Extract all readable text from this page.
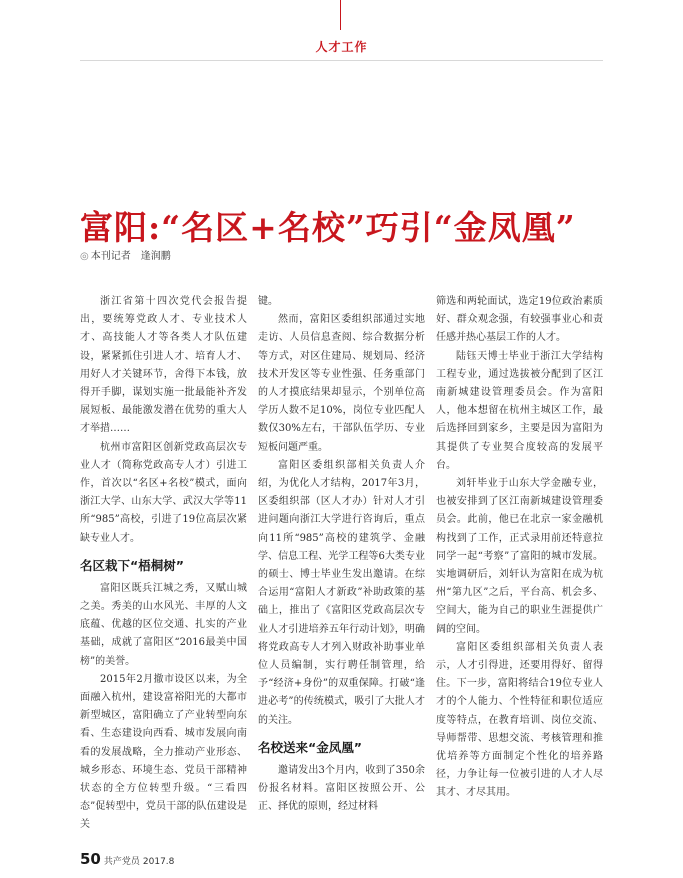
人才工作
富阳:“名区+名校”巧引“金凤凰”
◎ 本刊记者　逢润鹏

浙江省第十四次党代会报告提出，要统筹党政人才、专业技术人才、高技能人才等各类人才队伍建设，紧紧抓住引进人才、培育人才、用好人才关键环节，舍得下本钱，放得开手脚，谋划实施一批最能补齐发展短板、最能激发潜在优势的重大人才举措……

杭州市富阳区创新党政高层次专业人才（简称党政高专人才）引进工作，首次以“名区+名校”模式，面向浙江大学、山东大学、武汉大学等11所“985”高校，引进了19位高层次紧缺专业人才。

名区栽下“梧桐树”

富阳区既兵江城之秀，又赋山城之美。秀美的山水风光、丰厚的人文底蕴、优越的区位交通、扎实的产业基础，成就了富阳区“2016最美中国榜”的美誉。

2015年2月撤市设区以来，为全面融入杭州，建设富裕阳光的大都市新型城区，富阳确立了产业转型向东看、生态建设向西看、城市发展向南看的发展战略，全力推动产业形态、城乡形态、环境生态、党员干部精神状态的全方位转型升级。“三看四态”促转型中，党员干部的队伍建设是关

键。

然而，富阳区委组织部通过实地走访、人员信息查阅、综合数据分析等方式，对区住建局、规划局、经济技术开发区等专业性强、任务重部门的人才摸底结果却显示，个别单位高学历人数不足10%，岗位专业匹配人数仅30%左右，干部队伍学历、专业短板问题严重。

富阳区委组织部相关负责人介绍，为优化人才结构，2017年3月，区委组织部（区人才办）针对人才引进问题向浙江大学进行咨询后，重点向11所“985”高校的建筑学、金融学、信息工程、光学工程等6大类专业的硕士、博士毕业生发出邀请。在综合运用“富阳人才新政”补助政策的基础上，推出了《富阳区党政高层次专业人才引进培养五年行动计划》，明确将党政高专人才列入财政补助事业单位人员编制，实行聘任制管理，给予“经济+身份”的双重保障。打破“逢进必考”的传统模式，吸引了大批人才的关注。

名校送来“金凤凰”

邀请发出3个月内，收到了350余份报名材料。富阳区按照公开、公正、择优的原则，经过材料

筛选和两轮面试，选定19位政治素质好、群众观念强，有较强事业心和责任感并热心基层工作的人才。

陆钰天博士毕业于浙江大学结构工程专业，通过选拔被分配到了区江南新城建设管理委员会。作为富阳人，他本想留在杭州主城区工作，最后选择回到家乡，主要是因为富阳为其提供了专业契合度较高的发展平台。

刘轩毕业于山东大学金融专业，也被安排到了区江南新城建设管理委员会。此前，他已在北京一家金融机构找到了工作，正式录用前还特意拉同学一起“考察”了富阳的城市发展。实地调研后，刘轩认为富阳在成为杭州“第九区”之后，平台高、机会多、空间大，能为自己的职业生涯提供广阔的空间。

富阳区委组织部相关负责人表示，人才引得进，还要用得好、留得住。下一步，富阳将结合19位专业人才的个人能力、个性特征和职位适应度等特点，在教育培训、岗位交流、导师帮带、思想交流、考核管理和推优培养等方面制定个性化的培养路径，力争让每一位被引进的人才人尽其才、才尽其用。

50 共产党员 2017.8
